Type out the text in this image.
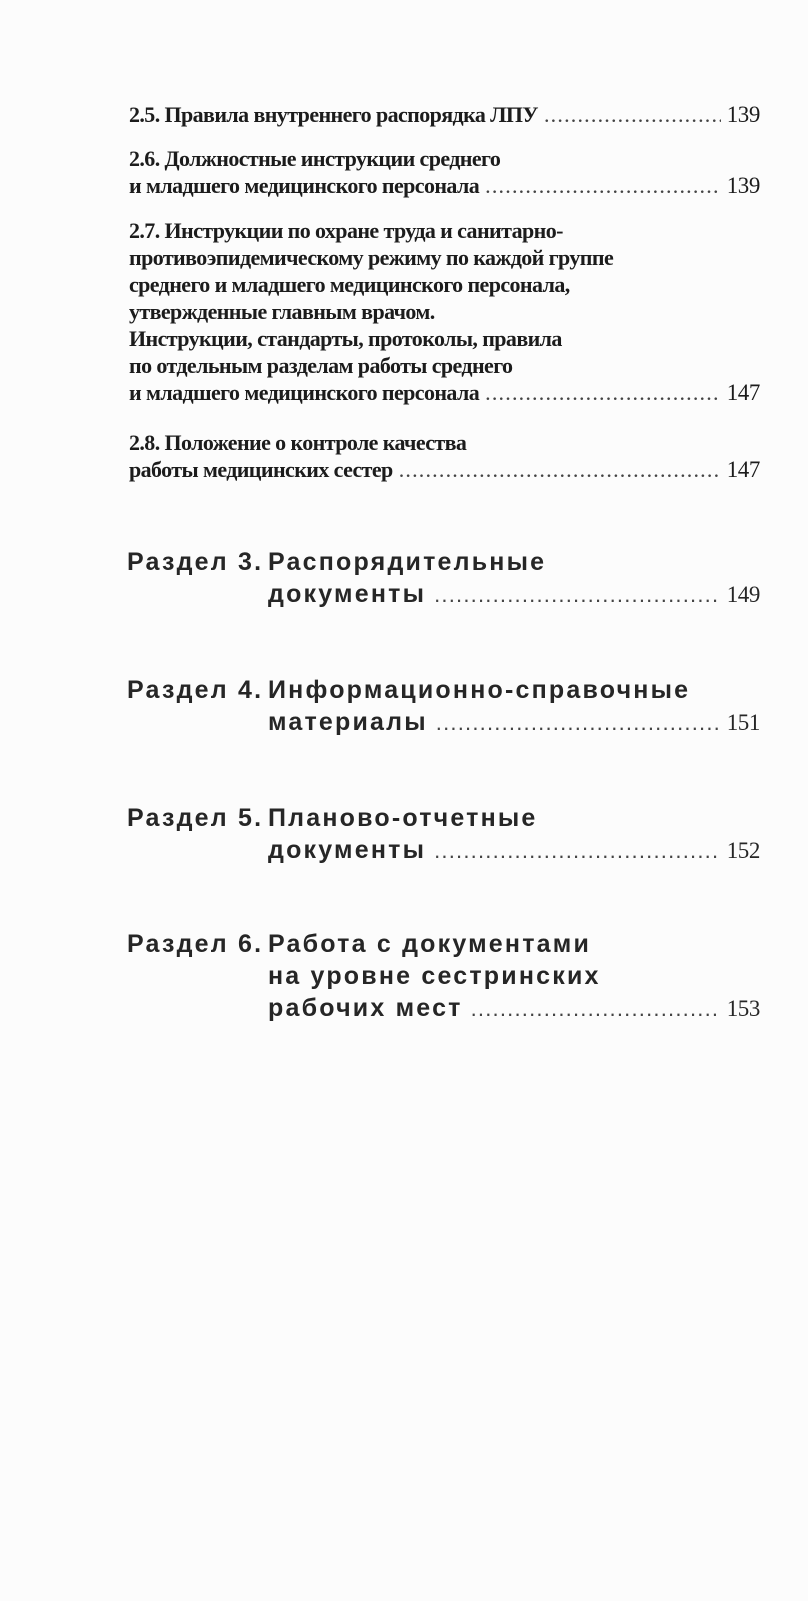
2.5. Правила внутреннего распорядка ЛПУ .....	139
2.6. Должностные инструкции среднего
и младшего медицинского персонала .....	139
2.7. Инструкции по охране труда и санитарно-
противоэпидемическому режиму по каждой группе
среднего и младшего медицинского персонала,
утвержденные главным врачом.
Инструкции, стандарты, протоколы, правила
по отдельным разделам работы среднего
и младшего медицинского персонала .....	147
2.8. Положение о контроле качества
работы медицинских сестер .....	147
Раздел 3. Распорядительные
документы .....	149
Раздел 4. Информационно-справочные
материалы .....	151
Раздел 5. Планово-отчетные
документы .....	152
Раздел 6. Работа с документами
на уровне сестринских
рабочих мест .....	153
